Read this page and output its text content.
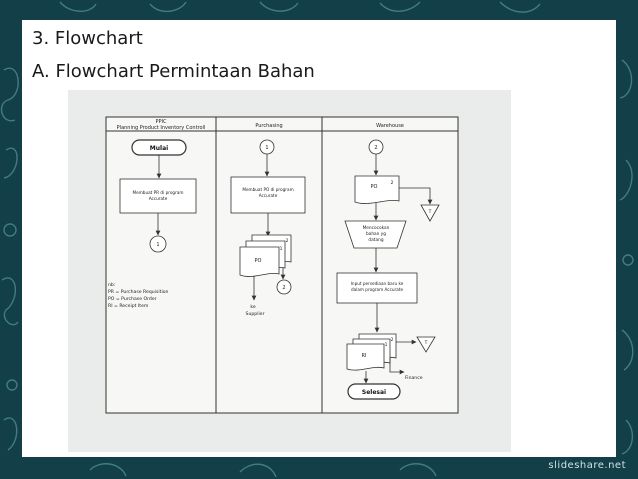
3. Flowchart
A. Flowchart Permintaan Bahan
PPIC
Planning Product Inventory Controll	Purchasing	Warehouse
Mulai
Membuat PR di program
Accurate
1
nb:
PR = Purchase Requisition
PO = Purchase Order
RI = Receipt Item
1
Membuat PO di program
Accurate
2
1
PO
ke
Supplier
2
2
PO
2
T
Mencocokan
bahan yg
datang
Input persediaan baru ke
dalam program Accurate
2
1
RI
T
Finance
Selesai
slideshare.net
